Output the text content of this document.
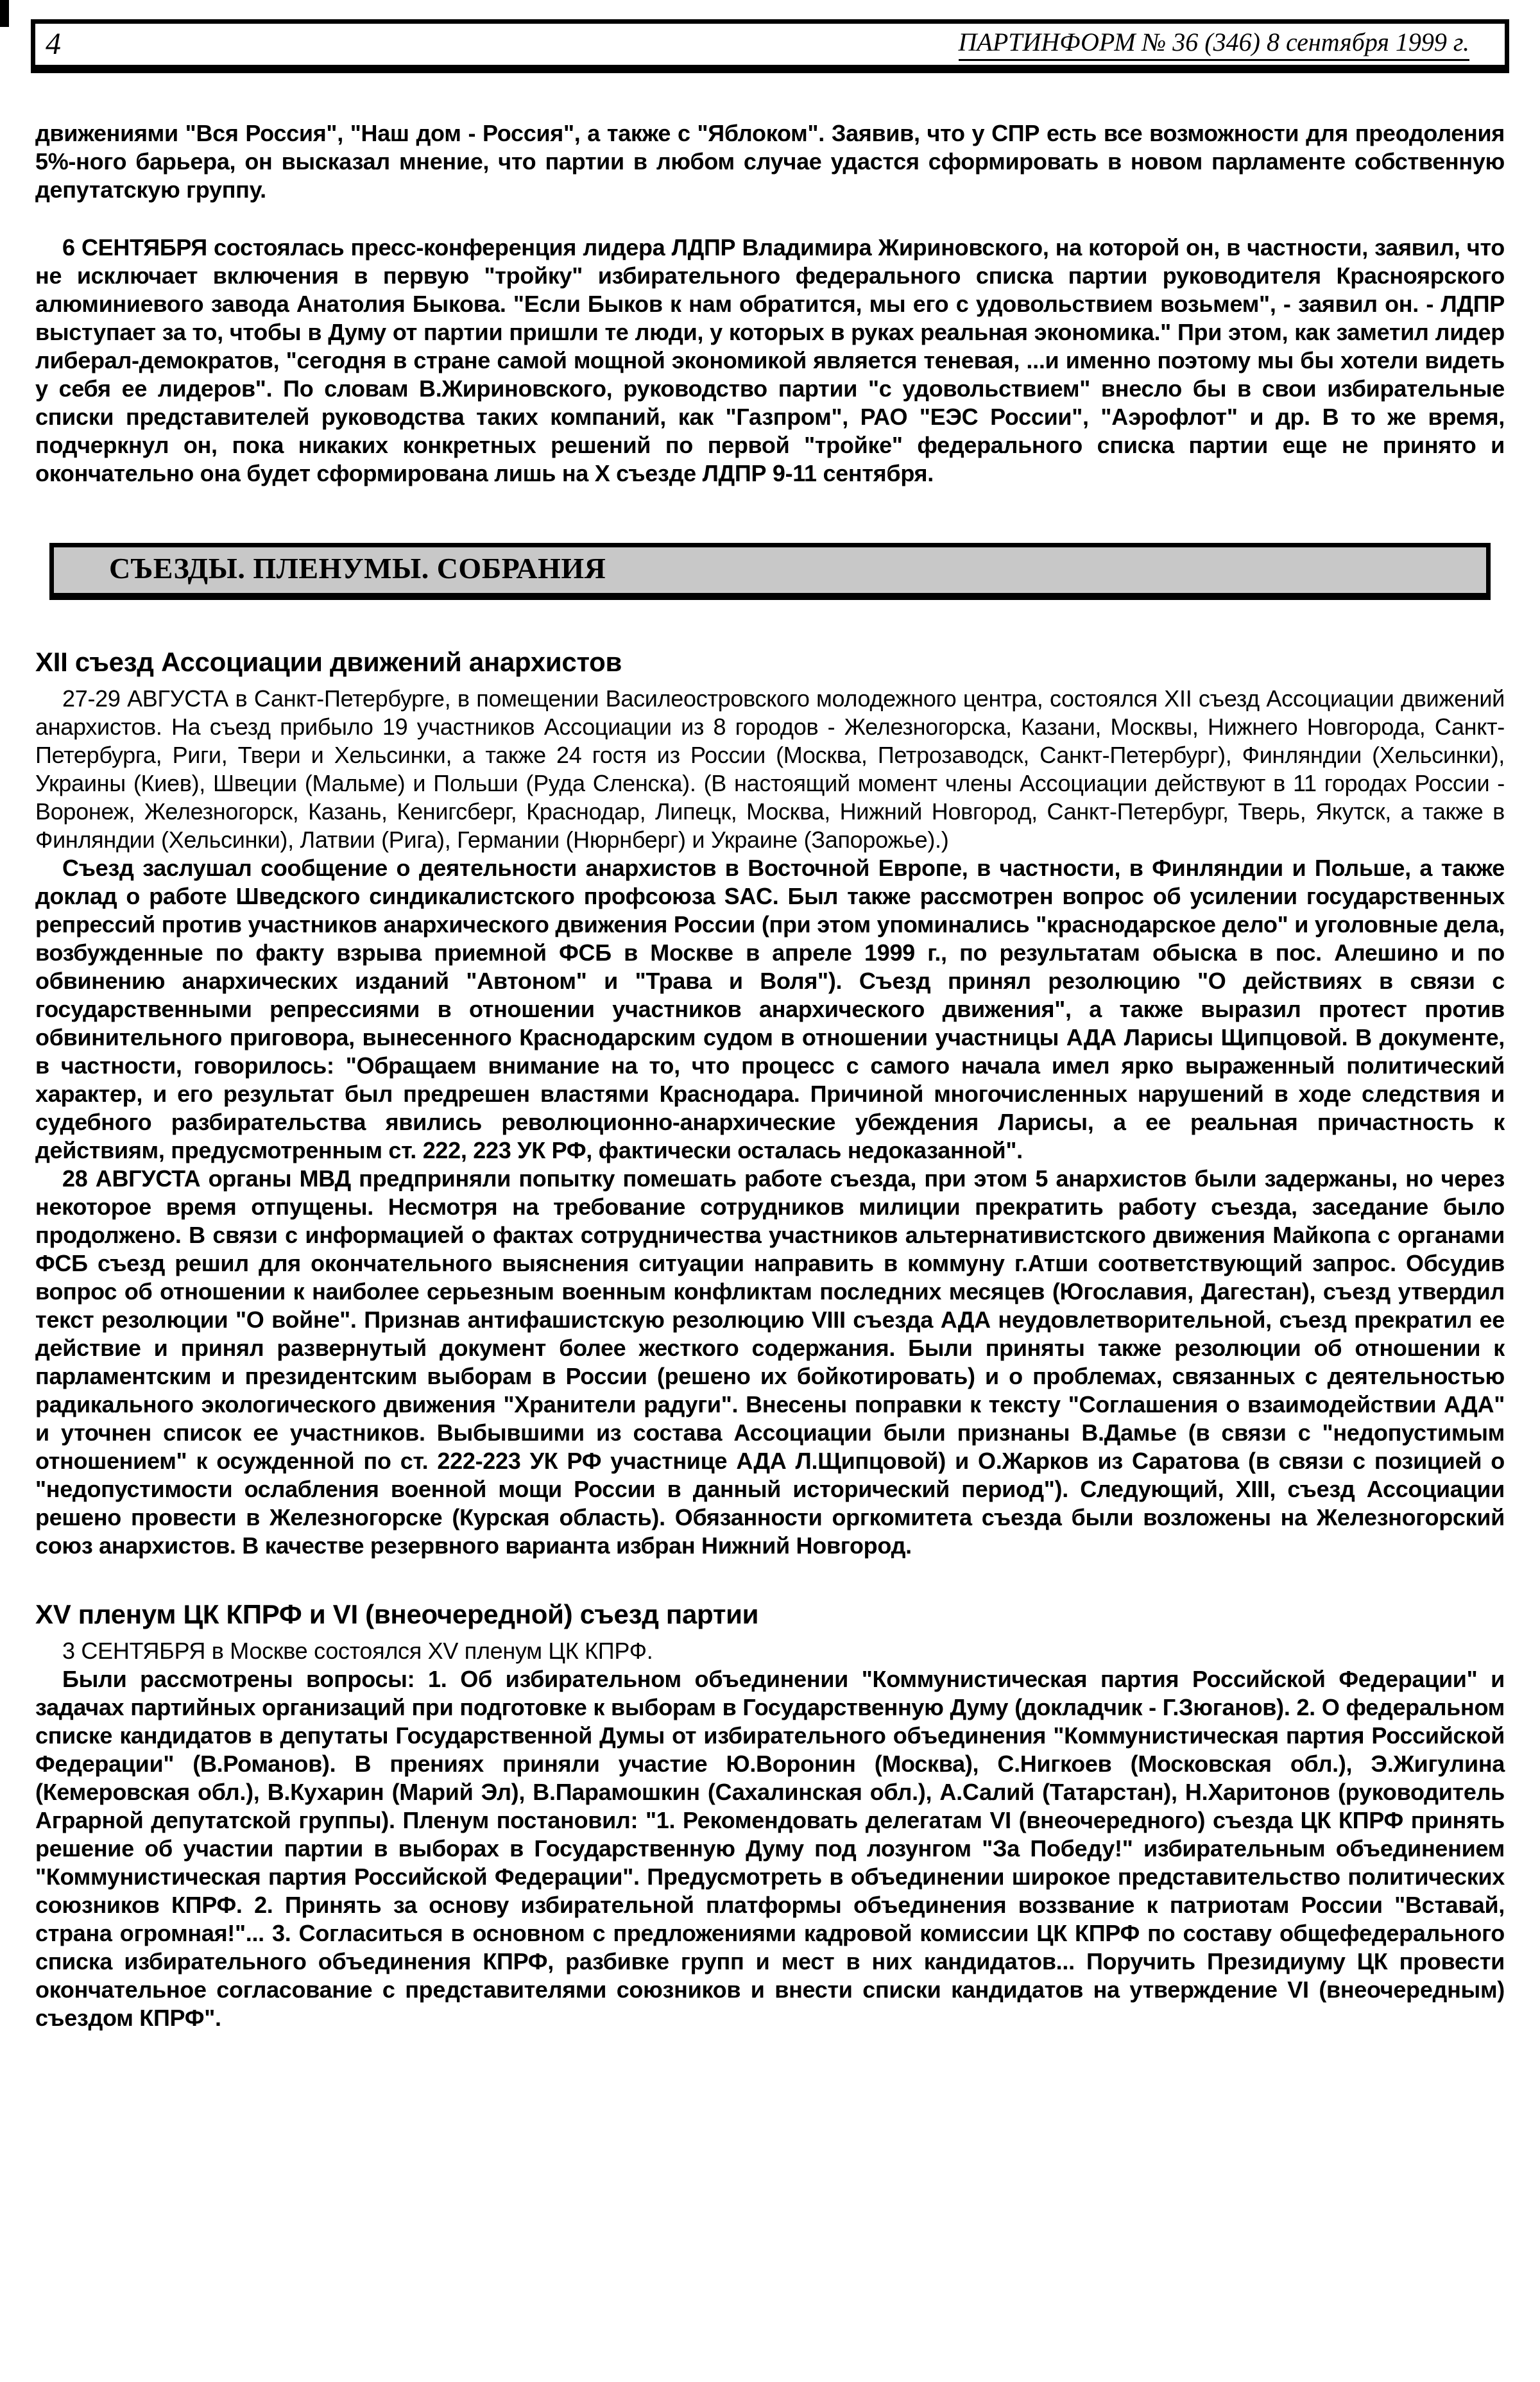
4	ПАРТИНФОРМ № 36 (346) 8 сентября 1999 г.

движениями "Вся Россия", "Наш дом - Россия", а также с "Яблоком". Заявив, что у СПР есть все возможности для преодоления 5%-ного барьера, он высказал мнение, что партии в любом случае удастся сформировать в новом парламенте собственную депутатскую группу.

6 СЕНТЯБРЯ состоялась пресс-конференция лидера ЛДПР Владимира Жириновского, на которой он, в частности, заявил, что не исключает включения в первую "тройку" избирательного федерального списка партии руководителя Красноярского алюминиевого завода Анатолия Быкова. "Если Быков к нам обратится, мы его с удовольствием возьмем", - заявил он. - ЛДПР выступает за то, чтобы в Думу от партии пришли те люди, у которых в руках реальная экономика." При этом, как заметил лидер либерал-демократов, "сегодня в стране самой мощной экономикой является теневая, ...и именно поэтому мы бы хотели видеть у себя ее лидеров". По словам В.Жириновского, руководство партии "с удовольствием" внесло бы в свои избирательные списки представителей руководства таких компаний, как "Газпром", РАО "ЕЭС России", "Аэрофлот" и др. В то же время, подчеркнул он, пока никаких конкретных решений по первой "тройке" федерального списка партии еще не принято и окончательно она будет сформирована лишь на X съезде ЛДПР 9-11 сентября.

СЪЕЗДЫ. ПЛЕНУМЫ. СОБРАНИЯ
XII съезд Ассоциации движений анархистов

27-29 АВГУСТА в Санкт-Петербурге, в помещении Василеостровского молодежного центра, состоялся XII съезд Ассоциации движений анархистов. На съезд прибыло 19 участников Ассоциации из 8 городов - Железногорска, Казани, Москвы, Нижнего Новгорода, Санкт-Петербурга, Риги, Твери и Хельсинки, а также 24 гостя из России (Москва, Петрозаводск, Санкт-Петербург), Финляндии (Хельсинки), Украины (Киев), Швеции (Мальме) и Польши (Руда Сленска). (В настоящий момент члены Ассоциации действуют в 11 городах России - Воронеж, Железногорск, Казань, Кенигсберг, Краснодар, Липецк, Москва, Нижний Новгород, Санкт-Петербург, Тверь, Якутск, а также в Финляндии (Хельсинки), Латвии (Рига), Германии (Нюрнберг) и Украине (Запорожье).)

Съезд заслушал сообщение о деятельности анархистов в Восточной Европе, в частности, в Финляндии и Польше, а также доклад о работе Шведского синдикалистского профсоюза SAC. Был также рассмотрен вопрос об усилении государственных репрессий против участников анархического движения России (при этом упоминались "краснодарское дело" и уголовные дела, возбужденные по факту взрыва приемной ФСБ в Москве в апреле 1999 г., по результатам обыска в пос. Алешино и по обвинению анархических изданий "Автоном" и "Трава и Воля"). Съезд принял резолюцию "О действиях в связи с государственными репрессиями в отношении участников анархического движения", а также выразил протест против обвинительного приговора, вынесенного Краснодарским судом в отношении участницы АДА Ларисы Щипцовой. В документе, в частности, говорилось: "Обращаем внимание на то, что процесс с самого начала имел ярко выраженный политический характер, и его результат был предрешен властями Краснодара. Причиной многочисленных нарушений в ходе следствия и судебного разбирательства явились революционно-анархические убеждения Ларисы, а ее реальная причастность к действиям, предусмотренным ст. 222, 223 УК РФ, фактически осталась недоказанной".

28 АВГУСТА органы МВД предприняли попытку помешать работе съезда, при этом 5 анархистов были задержаны, но через некоторое время отпущены. Несмотря на требование сотрудников милиции прекратить работу съезда, заседание было продолжено. В связи с информацией о фактах сотрудничества участников альтернативистского движения Майкопа с органами ФСБ съезд решил для окончательного выяснения ситуации направить в коммуну г.Атши соответствующий запрос. Обсудив вопрос об отношении к наиболее серьезным военным конфликтам последних месяцев (Югославия, Дагестан), съезд утвердил текст резолюции "О войне". Признав антифашистскую резолюцию VIII съезда АДА неудовлетворительной, съезд прекратил ее действие и принял развернутый документ более жесткого содержания. Были приняты также резолюции об отношении к парламентским и президентским выборам в России (решено их бойкотировать) и о проблемах, связанных с деятельностью радикального экологического движения "Хранители радуги". Внесены поправки к тексту "Соглашения о взаимодействии АДА" и уточнен список ее участников. Выбывшими из состава Ассоциации были признаны В.Дамье (в связи с "недопустимым отношением" к осужденной по ст. 222-223 УК РФ участнице АДА Л.Щипцовой) и О.Жарков из Саратова (в связи с позицией о "недопустимости ослабления военной мощи России в данный исторический период"). Следующий, XIII, съезд Ассоциации решено провести в Железногорске (Курская область). Обязанности оргкомитета съезда были возложены на Железногорский союз анархистов. В качестве резервного варианта избран Нижний Новгород.

XV пленум ЦК КПРФ и VI (внеочередной) съезд партии

3 СЕНТЯБРЯ в Москве состоялся XV пленум ЦК КПРФ.

Были рассмотрены вопросы: 1. Об избирательном объединении "Коммунистическая партия Российской Федерации" и задачах партийных организаций при подготовке к выборам в Государственную Думу (докладчик - Г.Зюганов). 2. О федеральном списке кандидатов в депутаты Государственной Думы от избирательного объединения "Коммунистическая партия Российской Федерации" (В.Романов). В прениях приняли участие Ю.Воронин (Москва), С.Нигкоев (Московская обл.), Э.Жигулина (Кемеровская обл.), В.Кухарин (Марий Эл), В.Парамошкин (Сахалинская обл.), А.Салий (Татарстан), Н.Харитонов (руководитель Аграрной депутатской группы). Пленум постановил: "1. Рекомендовать делегатам VI (внеочередного) съезда ЦК КПРФ принять решение об участии партии в выборах в Государственную Думу под лозунгом "За Победу!" избирательным объединением "Коммунистическая партия Российской Федерации". Предусмотреть в объединении широкое представительство политических союзников КПРФ. 2. Принять за основу избирательной платформы объединения воззвание к патриотам России "Вставай, страна огромная!"... 3. Согласиться в основном с предложениями кадровой комиссии ЦК КПРФ по составу общефедерального списка избирательного объединения КПРФ, разбивке групп и мест в них кандидатов... Поручить Президиуму ЦК провести окончательное согласование с представителями союзников и внести списки кандидатов на утверждение VI (внеочередным) съездом КПРФ".
